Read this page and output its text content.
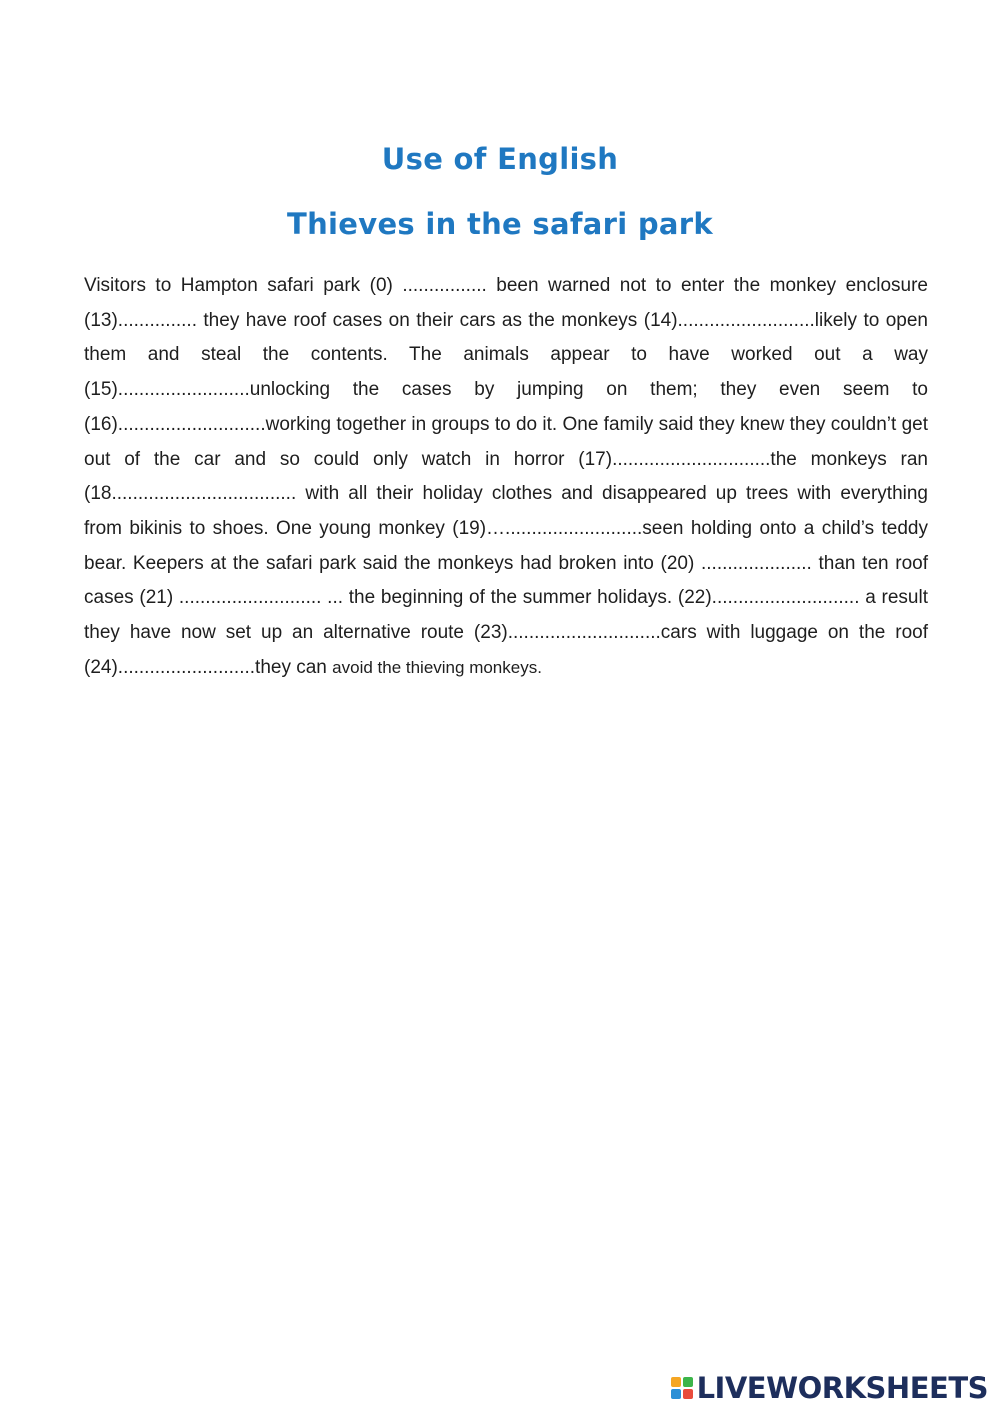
Use of English
Thieves in the safari park

Visitors to Hampton safari park (0) ................ been warned not to enter the monkey enclosure (13)............... they have roof cases on their cars as the monkeys (14)..........................likely to open them and steal the contents. The animals appear to have worked out a way (15).........................unlocking the cases by jumping on them; they even seem to (16)............................working together in groups to do it. One family said they knew they couldn’t get out of the car and so could only watch in horror (17)..............................the monkeys ran (18................................... with all their holiday clothes and disappeared up trees with everything from bikinis to shoes. One young monkey (19)…..........................seen holding onto a child’s teddy bear. Keepers at the safari park said the monkeys had broken into (20) ..................... than ten roof cases (21) ........................... ... the beginning of the summer holidays. (22)............................ a result they have now set up an alternative route (23).............................cars with luggage on the roof (24)..........................they can avoid the thieving monkeys.

LIVEWORKSHEETS
